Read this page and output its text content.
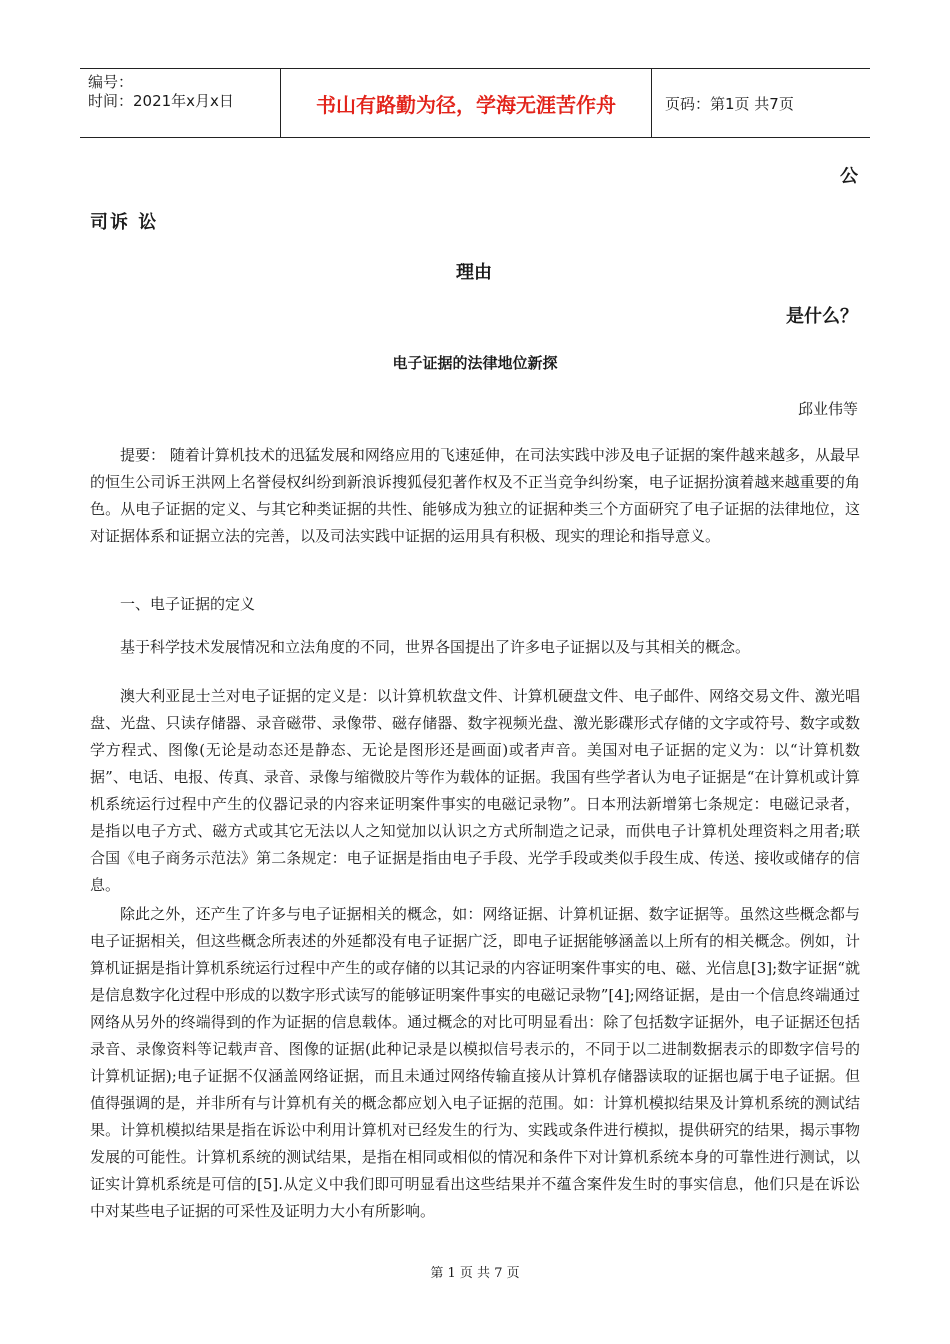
编号：
时间：2021年x月x日	书山有路勤为径，学海无涯苦作舟	页码：第1页 共7页
公
司诉 讼
理由
是什么？
电子证据的法律地位新探
邱业伟等

提要： 随着计算机技术的迅猛发展和网络应用的飞速延伸，在司法实践中涉及电子证据的案件越来越多，从最早的恒生公司诉王洪网上名誉侵权纠纷到新浪诉搜狐侵犯著作权及不正当竞争纠纷案，电子证据扮演着越来越重要的角色。从电子证据的定义、与其它种类证据的共性、能够成为独立的证据种类三个方面研究了电子证据的法律地位，这对证据体系和证据立法的完善，以及司法实践中证据的运用具有积极、现实的理论和指导意义。

一、电子证据的定义

基于科学技术发展情况和立法角度的不同，世界各国提出了许多电子证据以及与其相关的概念。

澳大利亚昆士兰对电子证据的定义是：以计算机软盘文件、计算机硬盘文件、电子邮件、网络交易文件、激光唱盘、光盘、只读存储器、录音磁带、录像带、磁存储器、数字视频光盘、激光影碟形式存储的文字或符号、数字或数学方程式、图像(无论是动态还是静态、无论是图形还是画面)或者声音。美国对电子证据的定义为：以“计算机数据”、电话、电报、传真、录音、录像与缩微胶片等作为载体的证据。我国有些学者认为电子证据是“在计算机或计算机系统运行过程中产生的仪器记录的内容来证明案件事实的电磁记录物”。日本刑法新增第七条规定：电磁记录者，是指以电子方式、磁方式或其它无法以人之知觉加以认识之方式所制造之记录，而供电子计算机处理资料之用者;联合国《电子商务示范法》第二条规定：电子证据是指由电子手段、光学手段或类似手段生成、传送、接收或储存的信息。

除此之外，还产生了许多与电子证据相关的概念，如：网络证据、计算机证据、数字证据等。虽然这些概念都与电子证据相关，但这些概念所表述的外延都没有电子证据广泛，即电子证据能够涵盖以上所有的相关概念。例如，计算机证据是指计算机系统运行过程中产生的或存储的以其记录的内容证明案件事实的电、磁、光信息[3];数字证据“就是信息数字化过程中形成的以数字形式读写的能够证明案件事实的电磁记录物”[4];网络证据，是由一个信息终端通过网络从另外的终端得到的作为证据的信息载体。通过概念的对比可明显看出：除了包括数字证据外，电子证据还包括录音、录像资料等记载声音、图像的证据(此种记录是以模拟信号表示的，不同于以二进制数据表示的即数字信号的计算机证据);电子证据不仅涵盖网络证据，而且未通过网络传输直接从计算机存储器读取的证据也属于电子证据。但值得强调的是，并非所有与计算机有关的概念都应划入电子证据的范围。如：计算机模拟结果及计算机系统的测试结果。计算机模拟结果是指在诉讼中利用计算机对已经发生的行为、实践或条件进行模拟，提供研究的结果，揭示事物发展的可能性。计算机系统的测试结果，是指在相同或相似的情况和条件下对计算机系统本身的可靠性进行测试，以证实计算机系统是可信的[5].从定义中我们即可明显看出这些结果并不蕴含案件发生时的事实信息，他们只是在诉讼中对某些电子证据的可采性及证明力大小有所影响。

第 1 页 共 7 页
